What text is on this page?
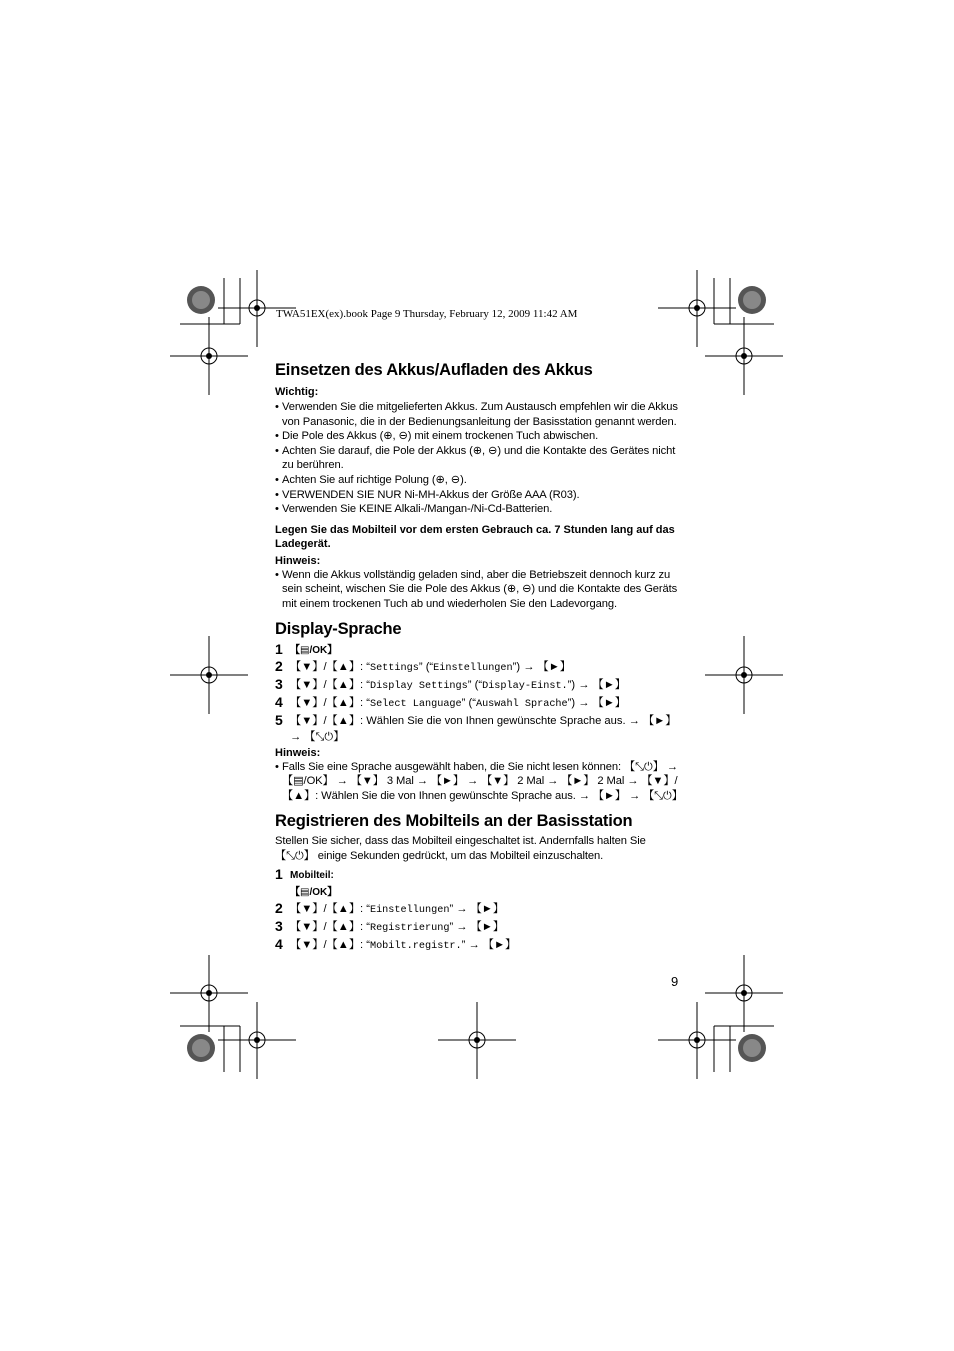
TWA51EX(ex).book Page 9 Thursday, February 12, 2009 11:42 AM
Einsetzen des Akkus/Aufladen des Akkus

Wichtig:

• Verwenden Sie die mitgelieferten Akkus. Zum Austausch empfehlen wir die Akkus von Panasonic, die in der Bedienungsanleitung der Basisstation genannt werden.
• Die Pole des Akkus (⊕, ⊖) mit einem trockenen Tuch abwischen.
• Achten Sie darauf, die Pole der Akkus (⊕, ⊖) und die Kontakte des Gerätes nicht zu berühren.
• Achten Sie auf richtige Polung (⊕, ⊖).
• VERWENDEN SIE NUR Ni-MH-Akkus der Größe AAA (R03).
• Verwenden Sie KEINE Alkali-/Mangan-/Ni-Cd-Batterien.

Legen Sie das Mobilteil vor dem ersten Gebrauch ca. 7 Stunden lang auf das Ladegerät.

Hinweis:

• Wenn die Akkus vollständig geladen sind, aber die Betriebszeit dennoch kurz zu sein scheint, wischen Sie die Pole des Akkus (⊕, ⊖) und die Kontakte des Geräts mit einem trockenen Tuch ab und wiederholen Sie den Ladevorgang.
Display-Sprache
1 【▤/OK】
2 【▼】/【▲】: “Settings” (“Einstellungen”) → 【►】
3 【▼】/【▲】: “Display Settings” (“Display-Einst.”) → 【►】
4 【▼】/【▲】: “Select Language” (“Auswahl Sprache”) → 【►】
5 【▼】/【▲】: Wählen Sie die von Ihnen gewünschte Sprache aus. → 【►】
→ 【⤡⏻】

Hinweis:

• Falls Sie eine Sprache ausgewählt haben, die Sie nicht lesen können: 【⤡⏻】 → 【▤/OK】 → 【▼】 3 Mal → 【►】 → 【▼】 2 Mal → 【►】 2 Mal → 【▼】/【▲】: Wählen Sie die von Ihnen gewünschte Sprache aus. → 【►】 → 【⤡⏻】
Registrieren des Mobilteils an der Basisstation

Stellen Sie sicher, dass das Mobilteil eingeschaltet ist. Andernfalls halten Sie 【⤡⏻】 einige Sekunden gedrückt, um das Mobilteil einzuschalten.

1 Mobilteil:
【▤/OK】
2 【▼】/【▲】: “Einstellungen” → 【►】
3 【▼】/【▲】: “Registrierung” → 【►】
4 【▼】/【▲】: “Mobilt.registr.” → 【►】
9
